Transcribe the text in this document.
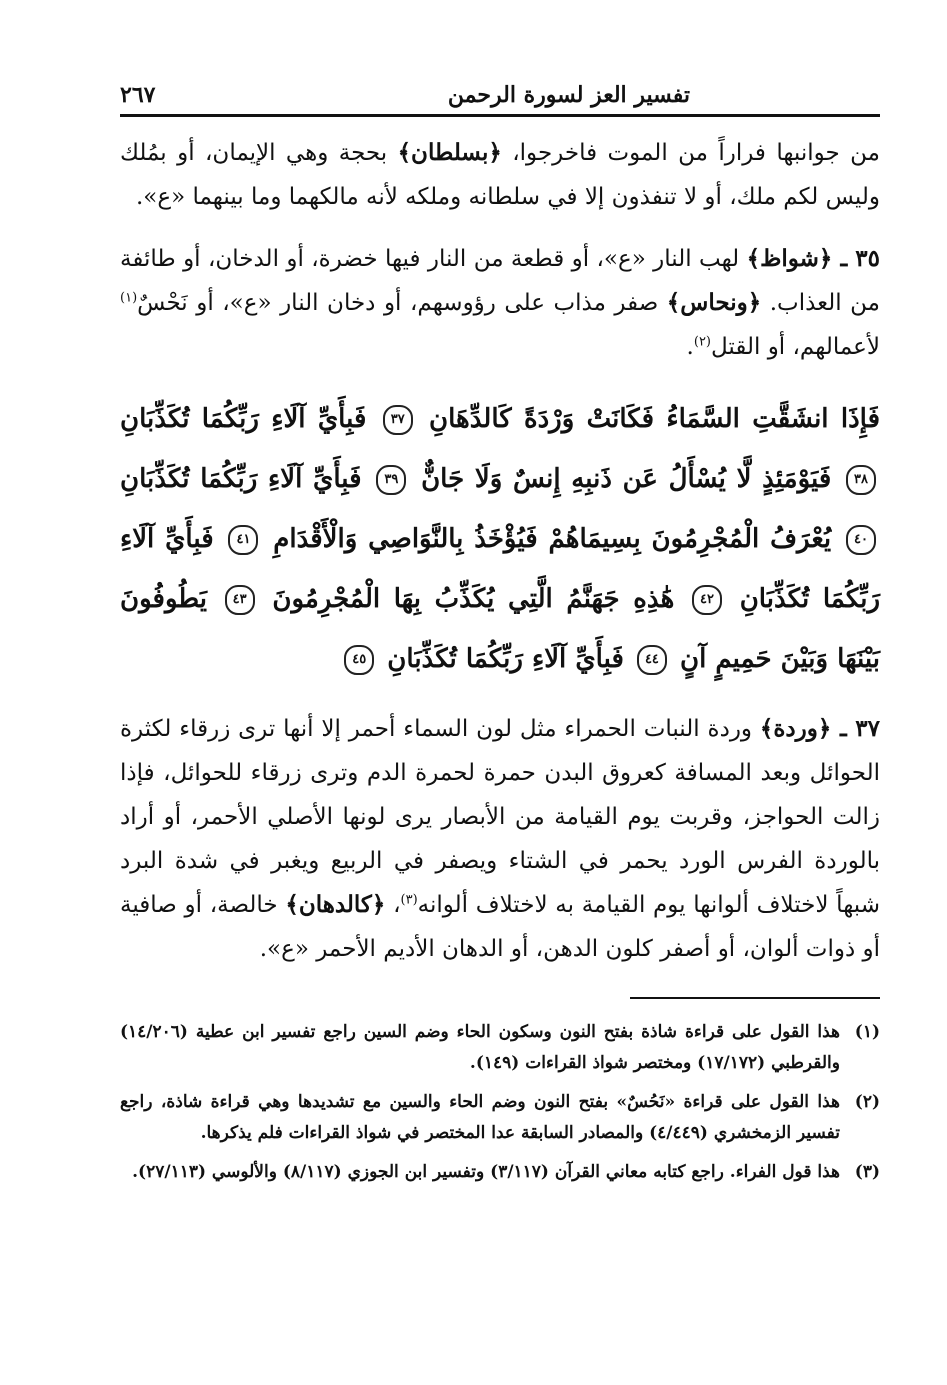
تفسير العز لسورة الرحمن
٢٦٧

من جوانبها فراراً من الموت فاخرجوا، ﴿بسلطان﴾ بحجة وهي الإيمان، أو بمُلك وليس لكم ملك، أو لا تنفذون إلا في سلطانه وملكه لأنه مالكهما وما بينهما «ع».

٣٥ ـ ﴿شواظ﴾ لهب النار «ع»، أو قطعة من النار فيها خضرة، أو الدخان، أو طائفة من العذاب. ﴿ونحاس﴾ صفر مذاب على رؤوسهم، أو دخان النار «ع»، أو نَحْسٌ$^{(١)}$ لأعمالهم، أو القتل$^{(٢)}$.

فَإِذَا انشَقَّتِ السَّمَاءُ فَكَانَتْ وَرْدَةً كَالدِّهَانِ ٣٧ فَبِأَيِّ آلَاءِ رَبِّكُمَا تُكَذِّبَانِ ٣٨ فَيَوْمَئِذٍ لَّا يُسْأَلُ عَن ذَنبِهِ إِنسٌ وَلَا جَانٌّ ٣٩ فَبِأَيِّ آلَاءِ رَبِّكُمَا تُكَذِّبَانِ ٤٠ يُعْرَفُ الْمُجْرِمُونَ بِسِيمَاهُمْ فَيُؤْخَذُ بِالنَّوَاصِي وَالْأَقْدَامِ ٤١ فَبِأَيِّ آلَاءِ رَبِّكُمَا تُكَذِّبَانِ ٤٢ هَٰذِهِ جَهَنَّمُ الَّتِي يُكَذِّبُ بِهَا الْمُجْرِمُونَ ٤٣ يَطُوفُونَ بَيْنَهَا وَبَيْنَ حَمِيمٍ آنٍ ٤٤ فَبِأَيِّ آلَاءِ رَبِّكُمَا تُكَذِّبَانِ ٤٥

٣٧ ـ ﴿وردة﴾ وردة النبات الحمراء مثل لون السماء أحمر إلا أنها ترى زرقاء لكثرة الحوائل وبعد المسافة كعروق البدن حمرة لحمرة الدم وترى زرقاء للحوائل، فإذا زالت الحواجز، وقربت يوم القيامة من الأبصار يرى لونها الأصلي الأحمر، أو أراد بالوردة الفرس الورد يحمر في الشتاء ويصفر في الربيع ويغبر في شدة البرد شبهاً لاختلاف ألوانها يوم القيامة به لاختلاف ألوانه$^{(٣)}$، ﴿كالدهان﴾ خالصة، أو صافية أو ذوات ألوان، أو أصفر كلون الدهن، أو الدهان الأديم الأحمر «ع».

(١)
هذا القول على قراءة شاذة بفتح النون وسكون الحاء وضم السين راجع تفسير ابن عطية (١٤/٢٠٦) والقرطبي (١٧/١٧٢) ومختصر شواذ القراءات (١٤٩).
(٢)
هذا القول على قراءة «نَحُسٌ» بفتح النون وضم الحاء والسين مع تشديدها وهي قراءة شاذة، راجع تفسير الزمخشري (٤/٤٤٩) والمصادر السابقة عدا المختصر في شواذ القراءات فلم يذكرها.
(٣)
هذا قول الفراء. راجع كتابه معاني القرآن (٣/١١٧) وتفسير ابن الجوزي (٨/١١٧) والألوسي (٢٧/١١٣).
